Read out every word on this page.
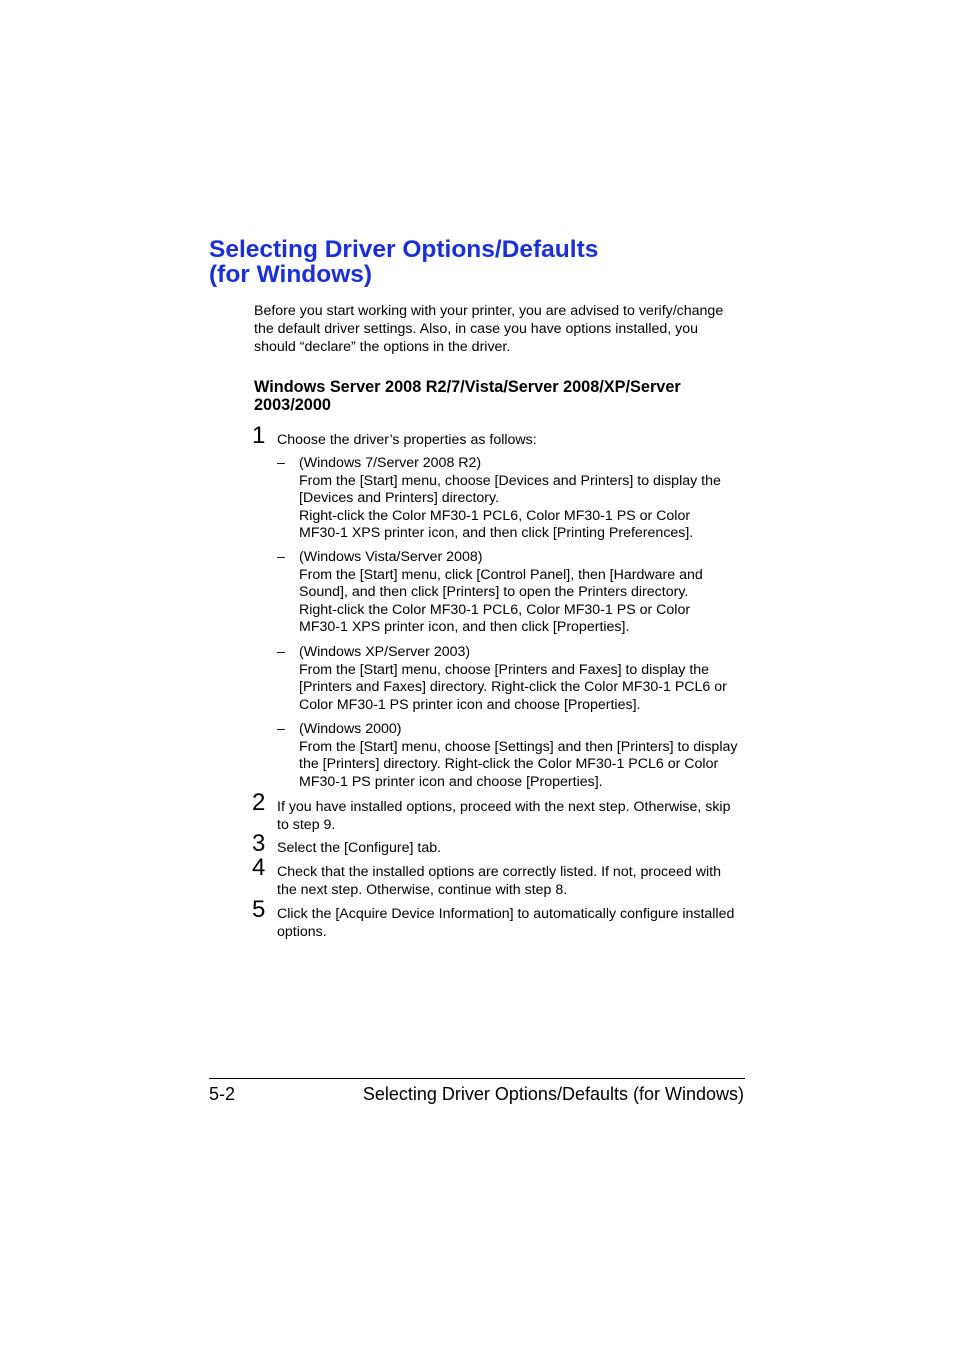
Selecting Driver Options/Defaults
(for Windows)

Before you start working with your printer, you are advised to verify/change
the default driver settings. Also, in case you have options installed, you
should “declare” the options in the driver.

Windows Server 2008 R2/7/Vista/Server 2008/XP/Server
2003/2000
1 Choose the driver’s properties as follows:
– (Windows 7/Server 2008 R2)
From the [Start] menu, choose [Devices and Printers] to display the
[Devices and Printers] directory.
Right-click the Color MF30-1 PCL6, Color MF30-1 PS or Color
MF30-1 XPS printer icon, and then click [Printing Preferences].
– (Windows Vista/Server 2008)
From the [Start] menu, click [Control Panel], then [Hardware and
Sound], and then click [Printers] to open the Printers directory.
Right-click the Color MF30-1 PCL6, Color MF30-1 PS or Color
MF30-1 XPS printer icon, and then click [Properties].
– (Windows XP/Server 2003)
From the [Start] menu, choose [Printers and Faxes] to display the
[Printers and Faxes] directory. Right-click the Color MF30-1 PCL6 or
Color MF30-1 PS printer icon and choose [Properties].
– (Windows 2000)
From the [Start] menu, choose [Settings] and then [Printers] to display
the [Printers] directory. Right-click the Color MF30-1 PCL6 or Color
MF30-1 PS printer icon and choose [Properties].
2 If you have installed options, proceed with the next step. Otherwise, skip
to step 9.
3 Select the [Configure] tab.
4 Check that the installed options are correctly listed. If not, proceed with
the next step. Otherwise, continue with step 8.
5 Click the [Acquire Device Information] to automatically configure installed
options.
5-2	Selecting Driver Options/Defaults (for Windows)
